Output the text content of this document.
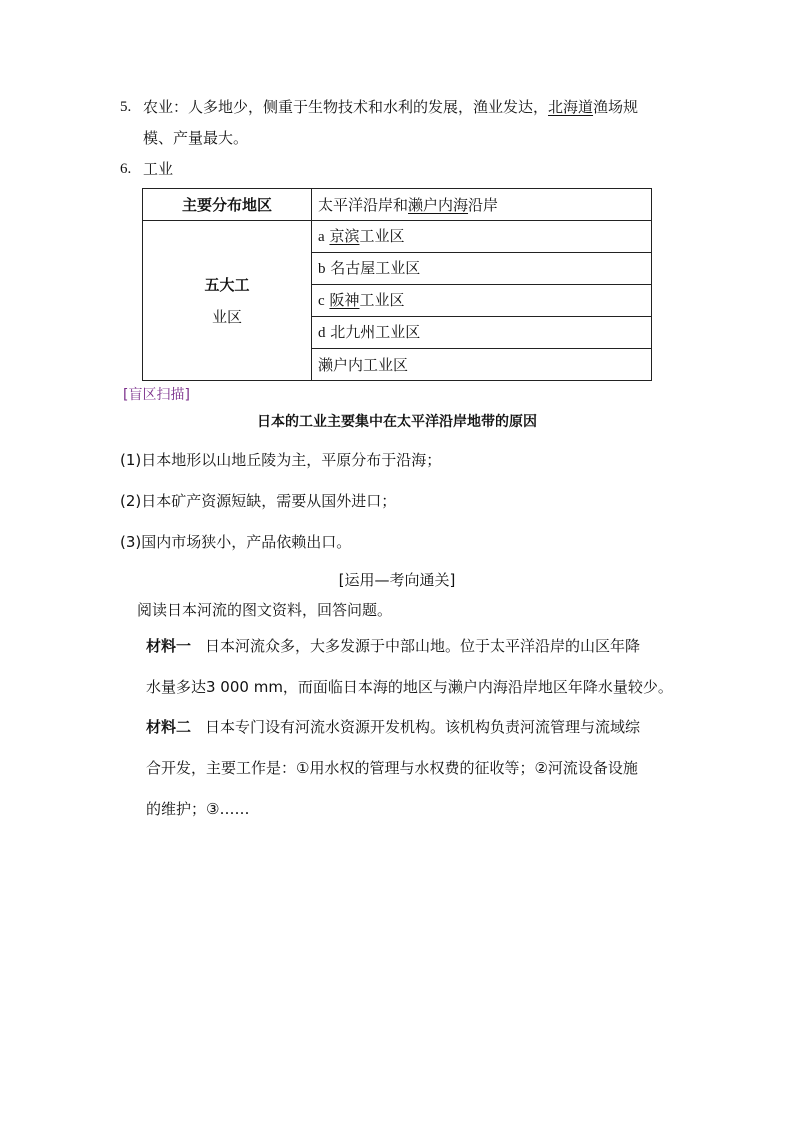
5. 农业：人多地少，侧重于生物技术和水利的发展，渔业发达，北海道渔场规
模、产量最大。
6. 工业
主要分布地区	太平洋沿岸和濑户内海沿岸

五大工
业区	a 京滨工业区
	b 名古屋工业区
	c 阪神工业区
	d 北九州工业区
	濑户内工业区
[盲区扫描]
日本的工业主要集中在太平洋沿岸地带的原因
(1)日本地形以山地丘陵为主，平原分布于沿海；
(2)日本矿产资源短缺，需要从国外进口；
(3)国内市场狭小，产品依赖出口。
[运用—考向通关]
阅读日本河流的图文资料，回答问题。
材料一 日本河流众多，大多发源于中部山地。位于太平洋沿岸的山区年降
水量多达3 000 mm，而面临日本海的地区与濑户内海沿岸地区年降水量较少。
材料二 日本专门设有河流水资源开发机构。该机构负责河流管理与流域综
合开发，主要工作是：①用水权的管理与水权费的征收等；②河流设备设施
的维护；③……
